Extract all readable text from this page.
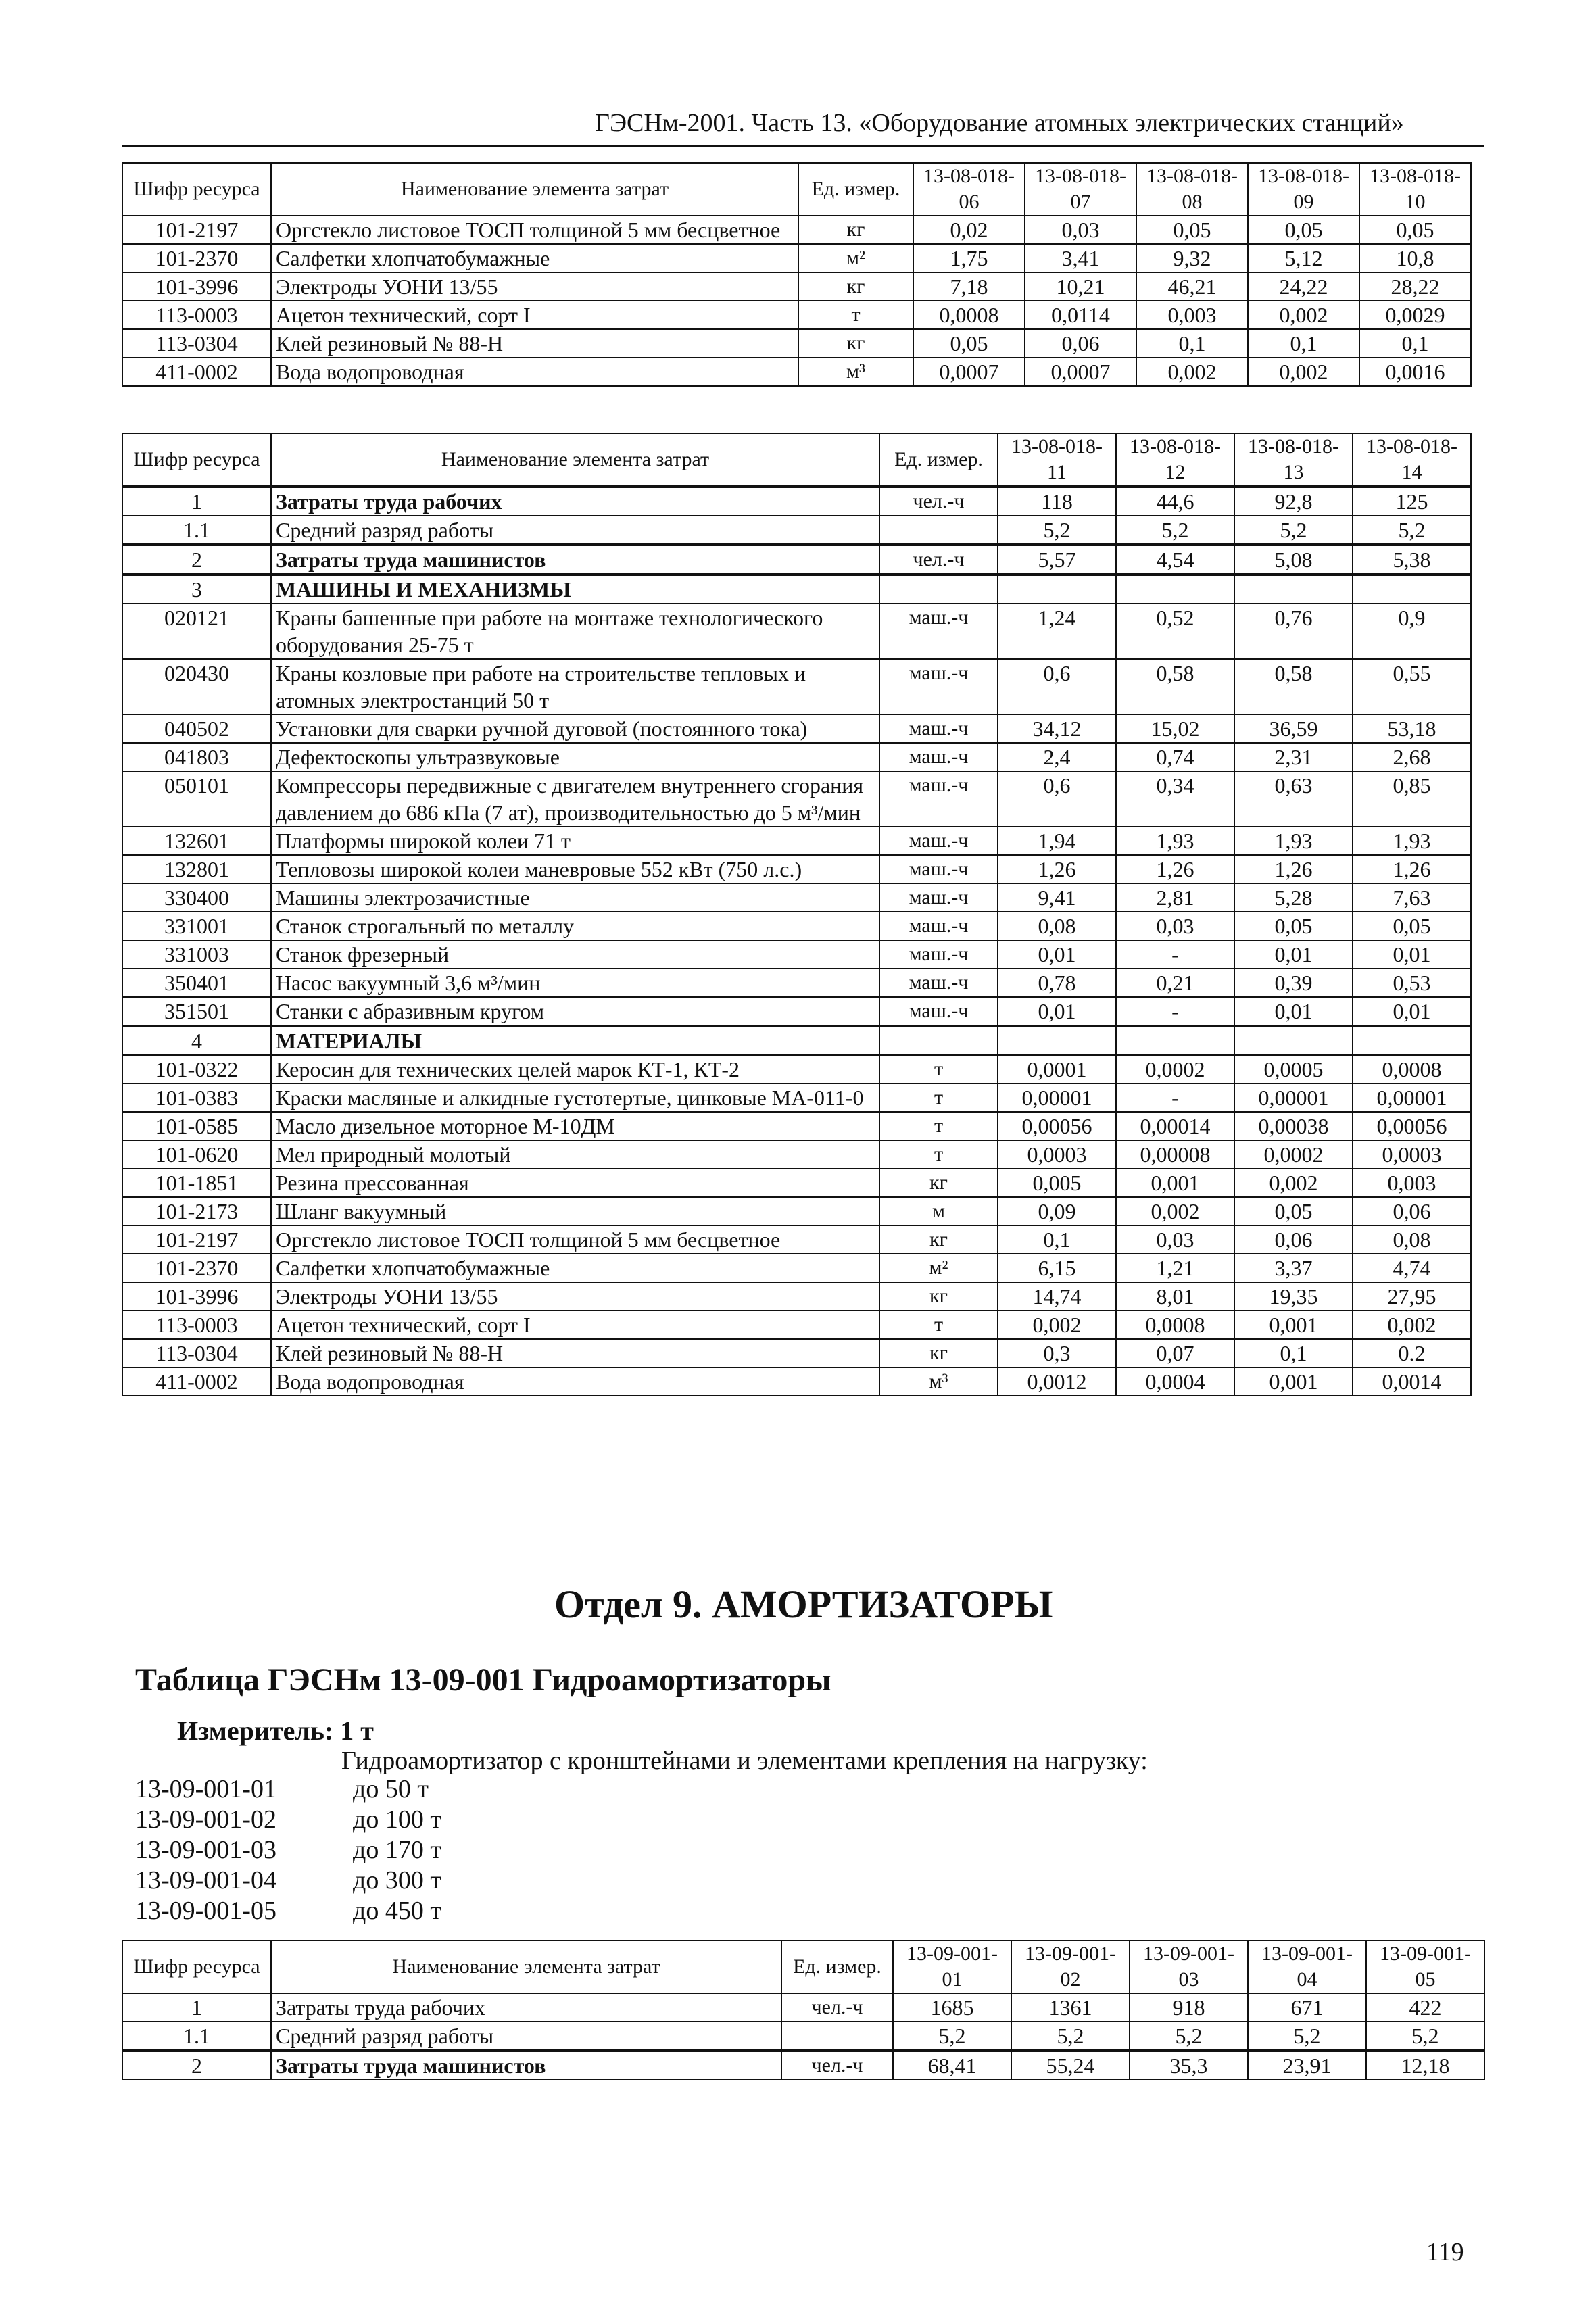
ГЭСНм-2001. Часть 13. «Оборудование атомных электрических станций»
Шифр ресурса	Наименование элемента затрат	Ед. измер.	13-08-018-06	13-08-018-07	13-08-018-08	13-08-018-09	13-08-018-10
101-2197	Оргстекло листовое ТОСП толщиной 5 мм бесцветное	кг	0,02	0,03	0,05	0,05	0,05
101-2370	Салфетки хлопчатобумажные	м²	1,75	3,41	9,32	5,12	10,8
101-3996	Электроды УОНИ 13/55	кг	7,18	10,21	46,21	24,22	28,22
113-0003	Ацетон технический, сорт I	т	0,0008	0,0114	0,003	0,002	0,0029
113-0304	Клей резиновый № 88-Н	кг	0,05	0,06	0,1	0,1	0,1
411-0002	Вода водопроводная	м³	0,0007	0,0007	0,002	0,002	0,0016
Шифр ресурса	Наименование элемента затрат	Ед. измер.	13-08-018-11	13-08-018-12	13-08-018-13	13-08-018-14
1	Затраты труда рабочих	чел.-ч	118	44,6	92,8	125
1.1	Средний разряд работы		5,2	5,2	5,2	5,2
2	Затраты труда машинистов	чел.-ч	5,57	4,54	5,08	5,38
3	МАШИНЫ И МЕХАНИЗМЫ					
020121	Краны башенные при работе на монтаже технологического оборудования 25-75 т	маш.-ч	1,24	0,52	0,76	0,9
020430	Краны козловые при работе на строительстве тепловых и атомных электростанций 50 т	маш.-ч	0,6	0,58	0,58	0,55
040502	Установки для сварки ручной дуговой (постоянного тока)	маш.-ч	34,12	15,02	36,59	53,18
041803	Дефектоскопы ультразвуковые	маш.-ч	2,4	0,74	2,31	2,68
050101	Компрессоры передвижные с двигателем внутреннего сгорания давлением до 686 кПа (7 ат), производительностью до 5 м³/мин	маш.-ч	0,6	0,34	0,63	0,85
132601	Платформы широкой колеи 71 т	маш.-ч	1,94	1,93	1,93	1,93
132801	Тепловозы широкой колеи маневровые 552 кВт (750 л.с.)	маш.-ч	1,26	1,26	1,26	1,26
330400	Машины электрозачистные	маш.-ч	9,41	2,81	5,28	7,63
331001	Станок строгальный по металлу	маш.-ч	0,08	0,03	0,05	0,05
331003	Станок фрезерный	маш.-ч	0,01	-	0,01	0,01
350401	Насос вакуумный 3,6 м³/мин	маш.-ч	0,78	0,21	0,39	0,53
351501	Станки с абразивным кругом	маш.-ч	0,01	-	0,01	0,01
4	МАТЕРИАЛЫ					
101-0322	Керосин для технических целей марок КТ-1, КТ-2	т	0,0001	0,0002	0,0005	0,0008
101-0383	Краски масляные и алкидные густотертые, цинковые МА-011-0	т	0,00001	-	0,00001	0,00001
101-0585	Масло дизельное моторное М-10ДМ	т	0,00056	0,00014	0,00038	0,00056
101-0620	Мел природный молотый	т	0,0003	0,00008	0,0002	0,0003
101-1851	Резина прессованная	кг	0,005	0,001	0,002	0,003
101-2173	Шланг вакуумный	м	0,09	0,002	0,05	0,06
101-2197	Оргстекло листовое ТОСП толщиной 5 мм бесцветное	кг	0,1	0,03	0,06	0,08
101-2370	Салфетки хлопчатобумажные	м²	6,15	1,21	3,37	4,74
101-3996	Электроды УОНИ 13/55	кг	14,74	8,01	19,35	27,95
113-0003	Ацетон технический, сорт I	т	0,002	0,0008	0,001	0,002
113-0304	Клей резиновый № 88-Н	кг	0,3	0,07	0,1	0.2
411-0002	Вода водопроводная	м³	0,0012	0,0004	0,001	0,0014
Отдел 9. АМОРТИЗАТОРЫ
Таблица ГЭСНм 13-09-001 Гидроамортизаторы
Измеритель: 1 т
Гидроамортизатор с кронштейнами и элементами крепления на нагрузку:
13-09-001-01	до 50 т
13-09-001-02	до 100 т
13-09-001-03	до 170 т
13-09-001-04	до 300 т
13-09-001-05	до 450 т
Шифр ресурса	Наименование элемента затрат	Ед. измер.	13-09-001-01	13-09-001-02	13-09-001-03	13-09-001-04	13-09-001-05
1	Затраты труда рабочих	чел.-ч	1685	1361	918	671	422
1.1	Средний разряд работы		5,2	5,2	5,2	5,2	5,2
2	Затраты труда машинистов	чел.-ч	68,41	55,24	35,3	23,91	12,18
119
